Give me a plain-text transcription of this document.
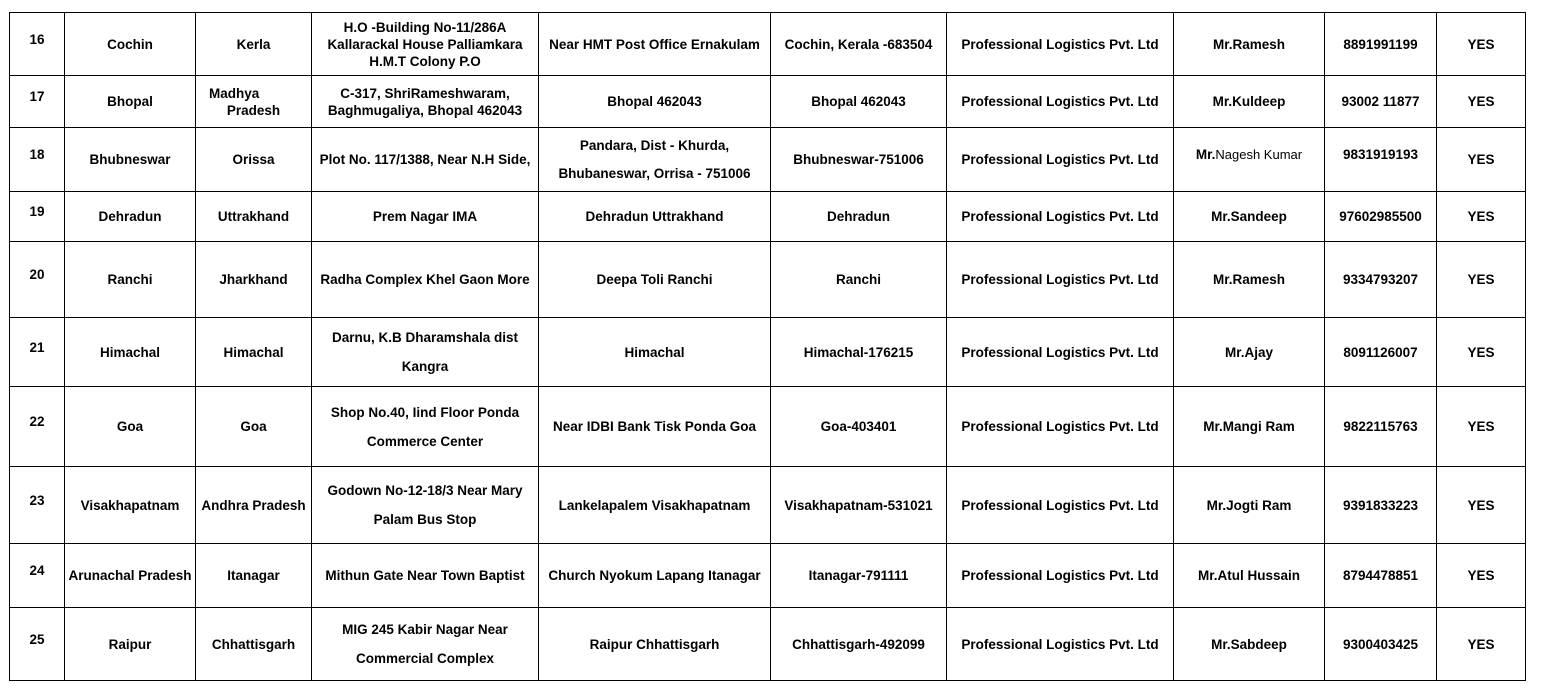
16	Cochin	Kerla	H.O -Building No-11/286A
Kallarackal House Palliamkara
H.M.T Colony P.O	Near HMT Post Office Ernakulam	Cochin, Kerala -683504	Professional Logistics Pvt. Ltd	Mr.Ramesh	8891991199	YES
17	Bhopal	Madhya
Pradesh	C-317, ShriRameshwaram,
Baghmugaliya, Bhopal 462043	Bhopal 462043	Bhopal 462043	Professional Logistics Pvt. Ltd	Mr.Kuldeep	93002 11877	YES
18	Bhubneswar	Orissa	Plot No. 117/1388, Near N.H Side,	Pandara, Dist - Khurda,
Bhubaneswar, Orrisa - 751006	Bhubneswar-751006	Professional Logistics Pvt. Ltd	Mr.Nagesh Kumar	9831919193	YES
19	Dehradun	Uttrakhand	Prem Nagar IMA	Dehradun Uttrakhand	Dehradun	Professional Logistics Pvt. Ltd	Mr.Sandeep	97602985500	YES
20	Ranchi	Jharkhand	Radha Complex Khel Gaon More	Deepa Toli Ranchi	Ranchi	Professional Logistics Pvt. Ltd	Mr.Ramesh	9334793207	YES
21	Himachal	Himachal	Darnu, K.B Dharamshala dist
Kangra	Himachal	Himachal-176215	Professional Logistics Pvt. Ltd	Mr.Ajay	8091126007	YES
22	Goa	Goa	Shop No.40, Iind Floor Ponda
Commerce Center	Near IDBI Bank Tisk Ponda Goa	Goa-403401	Professional Logistics Pvt. Ltd	Mr.Mangi Ram	9822115763	YES
23	Visakhapatnam	Andhra Pradesh	Godown No-12-18/3 Near Mary
Palam Bus Stop	Lankelapalem Visakhapatnam	Visakhapatnam-531021	Professional Logistics Pvt. Ltd	Mr.Jogti Ram	9391833223	YES
24	Arunachal Pradesh	Itanagar	Mithun Gate Near Town Baptist	Church Nyokum Lapang Itanagar	Itanagar-791111	Professional Logistics Pvt. Ltd	Mr.Atul Hussain	8794478851	YES
25	Raipur	Chhattisgarh	MIG 245 Kabir Nagar Near
Commercial Complex	Raipur Chhattisgarh	Chhattisgarh-492099	Professional Logistics Pvt. Ltd	Mr.Sabdeep	9300403425	YES
